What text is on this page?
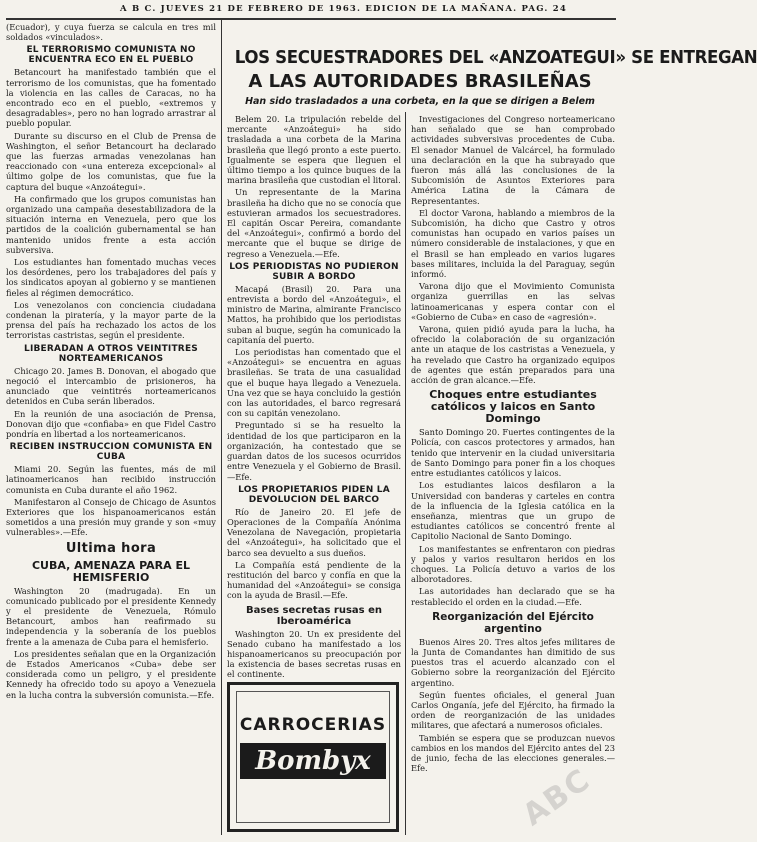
A B C. JUEVES 21 DE FEBRERO DE 1963. EDICION DE LA MAÑANA. PAG. 24
LOS SECUESTRADORES DEL «ANZOATEGUI» SE ENTREGAN
A LAS AUTORIDADES BRASILEÑAS
Han sido trasladados a una corbeta, en la que se dirigen a Belem

(Ecuador), y cuya fuerza se calcula en tres mil soldados «vinculados».

EL TERRORISMO COMUNISTA NO ENCUENTRA ECO EN EL PUEBLO

Betancourt ha manifestado también que el terrorismo de los comunistas, que ha fomentado la violencia en las calles de Caracas, no ha encontrado eco en el pueblo, «extremos y desagradables», pero no han logrado arrastrar al pueblo popular.

Durante su discurso en el Club de Prensa de Washington, el señor Betancourt ha declarado que las fuerzas armadas venezolanas han reaccionado con «una entereza excepcional» al último golpe de los comunistas, que fue la captura del buque «Anzoátegui».

Ha confirmado que los grupos comunistas han organizado una campaña desestabilizadora de la situación interna en Venezuela, pero que los partidos de la coalición gubernamental se han mantenido unidos frente a esta acción subversiva.

Los estudiantes han fomentado muchas veces los desórdenes, pero los trabajadores del país y los sindicatos apoyan al gobierno y se mantienen fieles al régimen democrático.

Los venezolanos con conciencia ciudadana condenan la piratería, y la mayor parte de la prensa del país ha rechazado los actos de los terroristas castristas, según el presidente.

LIBERADAN A OTROS VEINTITRES NORTEAMERICANOS

Chicago 20. James B. Donovan, el abogado que negoció el intercambio de prisioneros, ha anunciado que veintitrés norteamericanos detenidos en Cuba serán liberados.

En la reunión de una asociación de Prensa, Donovan dijo que «confiaba» en que Fidel Castro pondría en libertad a los norteamericanos.

RECIBEN INSTRUCCION COMUNISTA EN CUBA

Miami 20. Según las fuentes, más de mil latinoamericanos han recibido instrucción comunista en Cuba durante el año 1962.

Manifestaron al Consejo de Chicago de Asuntos Exteriores que los hispanoamericanos están sometidos a una presión muy grande y son «muy vulnerables».—Efe.

Ultima hora
CUBA, AMENAZA PARA EL HEMISFERIO

Washington 20 (madrugada). En un comunicado publicado por el presidente Kennedy y el presidente de Venezuela, Rómulo Betancourt, ambos han reafirmado su independencia y la soberanía de los pueblos frente a la amenaza de Cuba para el hemisferio.

Los presidentes señalan que en la Organización de Estados Americanos «Cuba» debe ser considerada como un peligro, y el presidente Kennedy ha ofrecido todo su apoyo a Venezuela en la lucha contra la subversión comunista.—Efe.

Belem 20. La tripulación rebelde del mercante «Anzoátegui» ha sido trasladada a una corbeta de la Marina brasileña que llegó pronto a este puerto. Igualmente se espera que lleguen el último tiempo a los quince buques de la marina brasileña que custodian el litoral.

Un representante de la Marina brasileña ha dicho que no se conocía que estuvieran armados los secuestradores. El capitán Oscar Pereira, comandante del «Anzoátegui», confirmó a bordo del mercante que el buque se dirige de regreso a Venezuela.—Efe.

LOS PERIODISTAS NO PUDIERON SUBIR A BORDO

Macapá (Brasil) 20. Para una entrevista a bordo del «Anzoátegui», el ministro de Marina, almirante Francisco Mattos, ha prohibido que los periodistas suban al buque, según ha comunicado la capitanía del puerto.

Los periodistas han comentado que el «Anzoátegui» se encuentra en aguas brasileñas. Se trata de una casualidad que el buque haya llegado a Venezuela. Una vez que se haya concluido la gestión con las autoridades, el barco regresará con su capitán venezolano.

Preguntado si se ha resuelto la identidad de los que participaron en la organización, ha contestado que se guardan datos de los sucesos ocurridos entre Venezuela y el Gobierno de Brasil.—Efe.

LOS PROPIETARIOS PIDEN LA DEVOLUCION DEL BARCO

Río de Janeiro 20. El jefe de Operaciones de la Compañía Anónima Venezolana de Navegación, propietaria del «Anzoátegui», ha solicitado que el barco sea devuelto a sus dueños.

La Compañía está pendiente de la restitución del barco y confía en que la humanidad del «Anzoátegui» se consiga con la ayuda de Brasil.—Efe.

Bases secretas rusas en Iberoamérica

Washington 20. Un ex presidente del Senado cubano ha manifestado a los hispanoamericanos su preocupación por la existencia de bases secretas rusas en el continente.

CARROCERIAS
Bombyx

Investigaciones del Congreso norteamericano han señalado que se han comprobado actividades subversivas procedentes de Cuba. El senador Manuel de Valcárcel, ha formulado una declaración en la que ha subrayado que fueron más allá las conclusiones de la Subcomisión de Asuntos Exteriores para América Latina de la Cámara de Representantes.

El doctor Varona, hablando a miembros de la Subcomisión, ha dicho que Castro y otros comunistas han ocupado en varios países un número considerable de instalaciones, y que en el Brasil se han empleado en varios lugares bases militares, incluida la del Paraguay, según informó.

Varona dijo que el Movimiento Comunista organiza guerrillas en las selvas latinoamericanas y espera contar con el «Gobierno de Cuba» en caso de «agresión».

Varona, quien pidió ayuda para la lucha, ha ofrecido la colaboración de su organización ante un ataque de los castristas a Venezuela, y ha revelado que Castro ha organizado equipos de agentes que están preparados para una acción de gran alcance.—Efe.

Choques entre estudiantes católicos y laicos en Santo Domingo

Santo Domingo 20. Fuertes contingentes de la Policía, con cascos protectores y armados, han tenido que intervenir en la ciudad universitaria de Santo Domingo para poner fin a los choques entre estudiantes católicos y laicos.

Los estudiantes laicos desfilaron a la Universidad con banderas y carteles en contra de la influencia de la Iglesia católica en la enseñanza, mientras que un grupo de estudiantes católicos se concentró frente al Capitolio Nacional de Santo Domingo.

Los manifestantes se enfrentaron con piedras y palos y varios resultaron heridos en los choques. La Policía detuvo a varios de los alborotadores.

Las autoridades han declarado que se ha restablecido el orden en la ciudad.—Efe.

Reorganización del Ejército argentino

Buenos Aires 20. Tres altos jefes militares de la Junta de Comandantes han dimitido de sus puestos tras el acuerdo alcanzado con el Gobierno sobre la reorganización del Ejército argentino.

Según fuentes oficiales, el general Juan Carlos Onganía, jefe del Ejército, ha firmado la orden de reorganización de las unidades militares, que afectará a numerosos oficiales.

También se espera que se produzcan nuevos cambios en los mandos del Ejército antes del 23 de junio, fecha de las elecciones generales.—Efe.	ABC
